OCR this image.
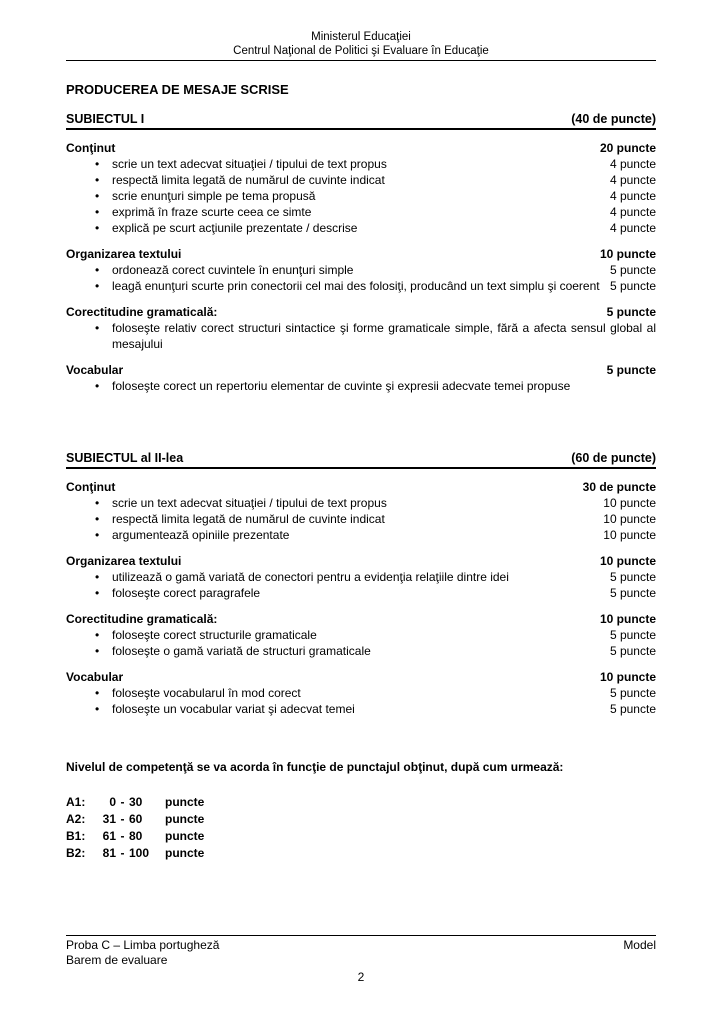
Ministerul Educaţiei
Centrul Naţional de Politici şi Evaluare în Educaţie
PRODUCEREA DE MESAJE SCRISE
SUBIECTUL I	(40 de puncte)
Conţinut	20 puncte
• scrie un text adecvat situaţiei / tipului de text propus	4 puncte
• respectă limita legată de numărul de cuvinte indicat	4 puncte
• scrie enunţuri simple pe tema propusă	4 puncte
• exprimă în fraze scurte ceea ce simte	4 puncte
• explică pe scurt acţiunile prezentate / descrise	4 puncte
Organizarea textului	10 puncte
• ordonează corect cuvintele în enunţuri simple	5 puncte
• leagă enunţuri scurte prin conectorii cel mai des folosiţi, producând un text simplu şi coerent 5 puncte
Corectitudine gramaticală:	5 puncte
• foloseşte relativ corect structuri sintactice şi forme gramaticale simple, fără a afecta sensul global al mesajului
Vocabular	5 puncte
• foloseşte corect un repertoriu elementar de cuvinte şi expresii adecvate temei propuse
SUBIECTUL al II-lea	(60 de puncte)
Conţinut	30 de puncte
• scrie un text adecvat situaţiei / tipului de text propus	10 puncte
• respectă limita legată de numărul de cuvinte indicat	10 puncte
• argumentează opiniile prezentate	10 puncte
Organizarea textului	10 puncte
• utilizează o gamă variată de conectori pentru a evidenţia relaţiile dintre idei	5 puncte
• foloseşte corect paragrafele	5 puncte
Corectitudine gramaticală:	10 puncte
• foloseşte corect structurile gramaticale	5 puncte
• foloseşte o gamă variată de structuri gramaticale	5 puncte
Vocabular	10 puncte
• foloseşte vocabularul în mod corect	5 puncte
• foloseşte un vocabular variat şi adecvat temei	5 puncte
Nivelul de competenţă se va acorda în funcţie de punctajul obţinut, după cum urmează:
A1: 0 - 30 puncte
A2: 31 - 60 puncte
B1: 61 - 80 puncte
B2: 81 - 100 puncte
Proba C – Limba portugheză	Model
Barem de evaluare
2
